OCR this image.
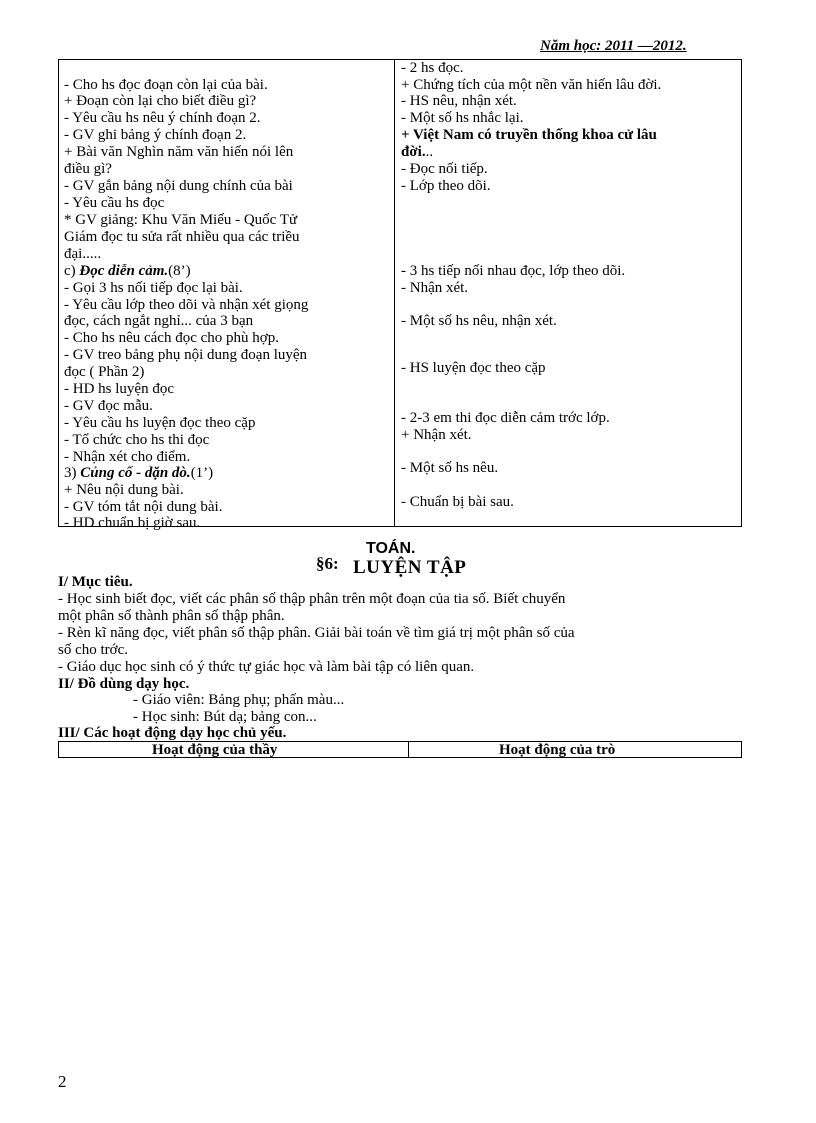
Năm học: 2011 —2012.
- Cho hs đọc đoạn còn lại của bài.
+ Đoạn còn lại cho biết điều gì?
- Yêu cầu hs nêu ý chính đoạn 2.
- GV ghi bảng ý chính đoạn 2.
+ Bài văn Nghìn năm văn hiến nói lên
điều gì?
- GV gắn bảng nội dung chính của bài
- Yêu cầu hs đọc
* GV giảng: Khu Văn Miếu - Quốc Tử
Giám đọc tu sửa rất nhiều qua các triều
đại.....
c) Đọc diễn cảm.(8’)
- Gọi 3 hs nối tiếp đọc lại bài.
- Yêu cầu lớp theo dõi và nhận xét giọng
đọc, cách ngắt nghỉ... của 3 bạn
- Cho hs nêu cách đọc cho phù hợp.
- GV treo bảng phụ nội dung đoạn luyện
đọc ( Phần 2)
- HD hs luyện đọc
- GV đọc mẫu.
- Yêu cầu hs luyện đọc theo cặp
- Tổ chức cho hs thi đọc
- Nhận xét cho điểm.
3) Củng cố - dặn dò.(1’)
+ Nêu nội dung bài.
- GV tóm tắt nội dung bài.
- HD chuẩn bị giờ sau.
- 2 hs đọc.
+ Chứng tích của một nền văn hiến lâu đời.
- HS nêu, nhận xét.
- Một số hs nhắc lại.
+ Việt Nam có truyền thống khoa cử lâu
đời...
- Đọc nối tiếp.
- Lớp theo dõi.
- 3 hs tiếp nối nhau đọc, lớp theo dõi.
- Nhận xét.
- Một số hs nêu, nhận xét.
- HS luyện đọc theo cặp
- 2-3 em thi đọc diễn cảm trớc lớp.
+ Nhận xét.
- Một số hs nêu.
- Chuẩn bị bài sau.
TOÁN.
§6: LUYỆN TẬP
I/ Mục tiêu.
- Học sinh biết đọc, viết các phân số thập phân trên một đoạn của tia số. Biết chuyển
một phân số thành phân số thập phân.
- Rèn kĩ năng đọc, viết phân số thập phân. Giải bài toán về tìm giá trị một phân số của
số cho trớc.
- Giáo dục học sinh có ý thức tự giác học và làm bài tập có liên quan.
II/ Đồ dùng dạy học.
- Giáo viên: Bảng phụ; phấn màu...
- Học sinh: Bút dạ; bảng con...
III/ Các hoạt động dạy học chủ yếu.
Hoạt động của thầy	Hoạt động của trò
2
